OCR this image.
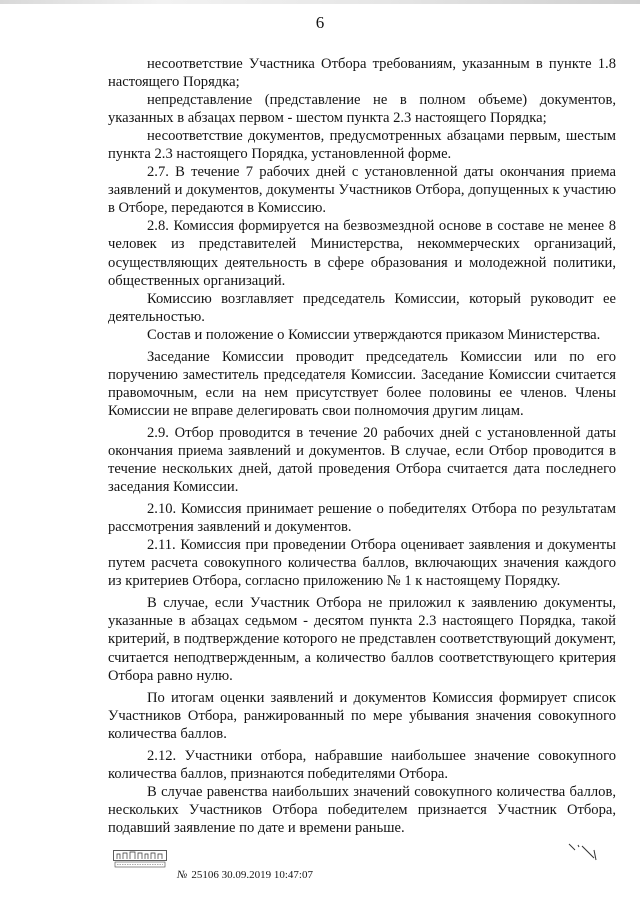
6

несоответствие Участника Отбора требованиям, указанным в пункте 1.8 настоящего Порядка;

непредставление (представление не в полном объеме) документов, указанных в абзацах первом - шестом пункта 2.3 настоящего Порядка;

несоответствие документов, предусмотренных абзацами первым, шестым пункта 2.3 настоящего Порядка, установленной форме.

2.7. В течение 7 рабочих дней с установленной даты окончания приема заявлений и документов, документы Участников Отбора, допущенных к участию в Отборе, передаются в Комиссию.

2.8. Комиссия формируется на безвозмездной основе в составе не менее 8 человек из представителей Министерства, некоммерческих организаций, осуществляющих деятельность в сфере образования и молодежной политики, общественных организаций.

Комиссию возглавляет председатель Комиссии, который руководит ее деятельностью.

Состав и положение о Комиссии утверждаются приказом Министерства.

Заседание Комиссии проводит председатель Комиссии или по его поручению заместитель председателя Комиссии. Заседание Комиссии считается правомочным, если на нем присутствует более половины ее членов. Члены Комиссии не вправе делегировать свои полномочия другим лицам.

2.9. Отбор проводится в течение 20 рабочих дней с установленной даты окончания приема заявлений и документов. В случае, если Отбор проводится в течение нескольких дней, датой проведения Отбора считается дата последнего заседания Комиссии.

2.10. Комиссия принимает решение о победителях Отбора по результатам рассмотрения заявлений и документов.

2.11. Комиссия при проведении Отбора оценивает заявления и документы путем расчета совокупного количества баллов, включающих значения каждого из критериев Отбора, согласно приложению № 1 к настоящему Порядку.

В случае, если Участник Отбора не приложил к заявлению документы, указанные в абзацах седьмом - десятом пункта 2.3 настоящего Порядка, такой критерий, в подтверждение которого не представлен соответствующий документ, считается неподтвержденным, а количество баллов соответствующего критерия Отбора равно нулю.

По итогам оценки заявлений и документов Комиссия формирует список Участников Отбора, ранжированный по мере убывания значения совокупного количества баллов.

2.12. Участники отбора, набравшие наибольшее значение совокупного количества баллов, признаются победителями Отбора.

В случае равенства наибольших значений совокупного количества баллов, нескольких Участников Отбора победителем признается Участник Отбора, подавший заявление по дате и времени раньше.

№ 25106 30.09.2019 10:47:07
